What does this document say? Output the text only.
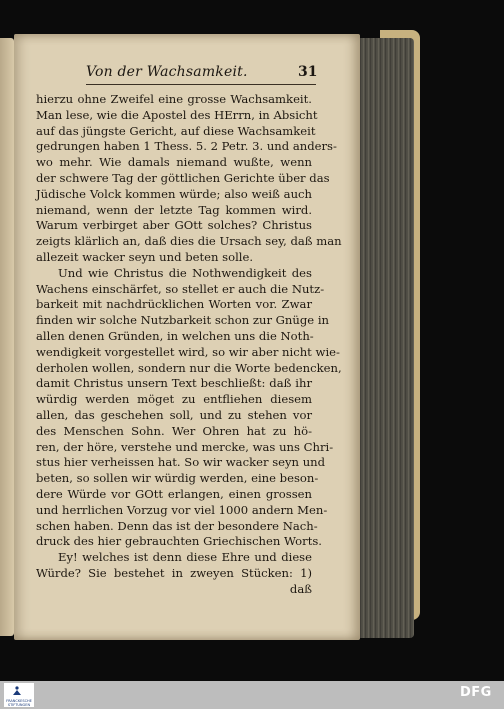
Von der Wachsamkeit.	31
hierzu ohne Zweifel eine grosse Wachsamkeit.
Man lese, wie die Apostel des HErrn, in Absicht
auf das jüngste Gericht, auf diese Wachsamkeit
gedrungen haben 1 Thess. 5. 2 Petr. 3. und anders-
wo mehr. Wie damals niemand wußte, wenn
der schwere Tag der göttlichen Gerichte über das
Jüdische Volck kommen würde; also weiß auch
niemand, wenn der letzte Tag kommen wird.
Warum verbirget aber GOtt solches? Christus
zeigts klärlich an, daß dies die Ursach sey, daß man
allezeit wacker seyn und beten solle.
Und wie Christus die Nothwendigkeit des
Wachens einschärfet, so stellet er auch die Nutz-
barkeit mit nachdrücklichen Worten vor. Zwar
finden wir solche Nutzbarkeit schon zur Gnüge in
allen denen Gründen, in welchen uns die Noth-
wendigkeit vorgestellet wird, so wir aber nicht wie-
derholen wollen, sondern nur die Worte bedencken,
damit Christus unsern Text beschließt: daß ihr
würdig werden möget zu entfliehen diesem
allen, das geschehen soll, und zu stehen vor
des Menschen Sohn. Wer Ohren hat zu hö-
ren, der höre, verstehe und mercke, was uns Chri-
stus hier verheissen hat. So wir wacker seyn und
beten, so sollen wir würdig werden, eine beson-
dere Würde vor GOtt erlangen, einen grossen
und herrlichen Vorzug vor viel 1000 andern Men-
schen haben. Denn das ist der besondere Nach-
druck des hier gebrauchten Griechischen Worts.
Ey! welches ist denn diese Ehre und diese
Würde? Sie bestehet in zweyen Stücken: 1)
daß
FRANCKESCHE STIFTUNGEN
DFG
